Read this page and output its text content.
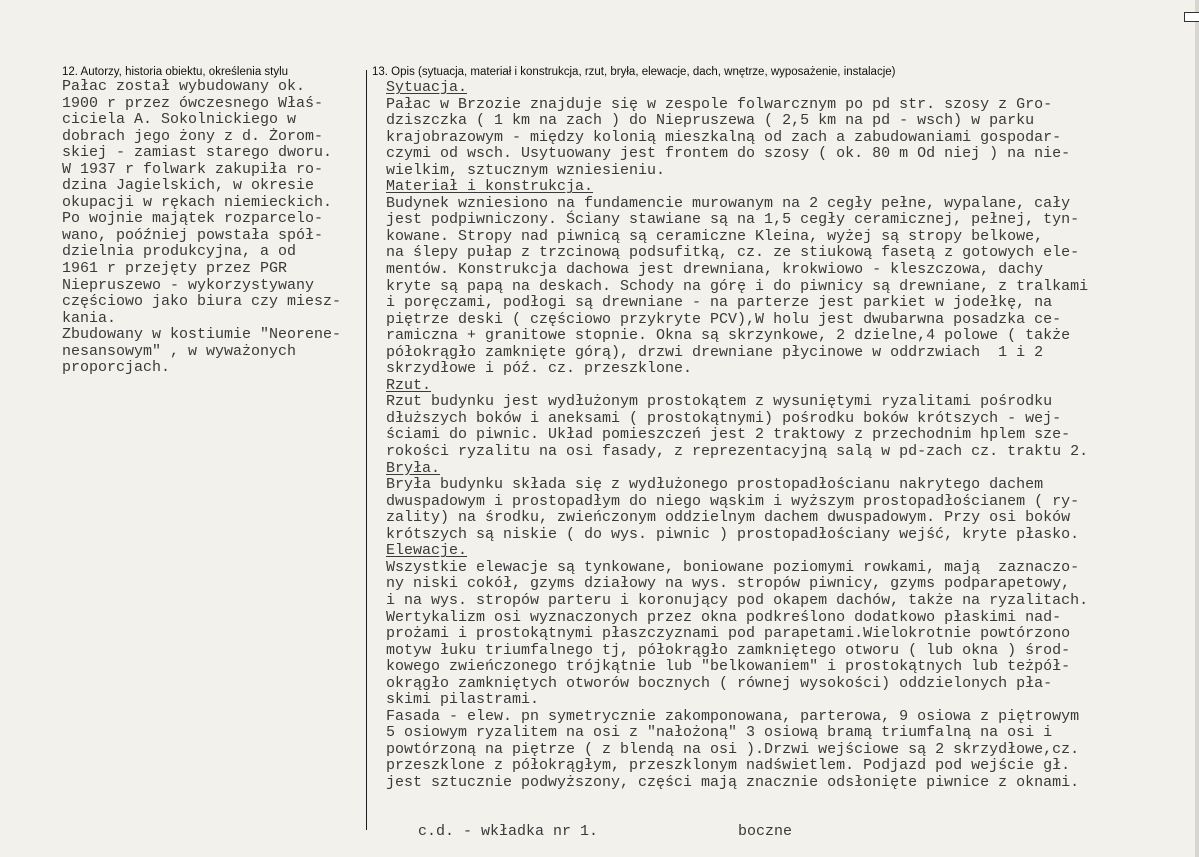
12. Autorzy, historia obiektu, określenia stylu	13. Opis (sytuacja, materiał i konstrukcja, rzut, bryła, elewacje, dach, wnętrze, wyposażenie, instalacje)
Pałac został wybudowany ok.
1900 r przez ówczesnego Właś-
ciciela A. Sokolnickiego w
dobrach jego żony z d. Żorom-
skiej - zamiast starego dworu.
W 1937 r folwark zakupiła ro-
dzina Jagielskich, w okresie
okupacji w rękach niemieckich.
Po wojnie majątek rozparcelo-
wano, poóźniej powstała spół-
dzielnia produkcyjna, a od
1961 r przejęty przez PGR
Niepruszewo - wykorzystywany
częściowo jako biura czy miesz-
kania.
Zbudowany w kostiumie "Neorene-
nesansowym" , w wyważonych
proporcjach.
Sytuacja.
Pałac w Brzozie znajduje się w zespole folwarcznym po pd str. szosy z Gro-
dziszczka ( 1 km na zach ) do Niepruszewa ( 2,5 km na pd - wsch) w parku
krajobrazowym - między kolonią mieszkalną od zach a zabudowaniami gospodar-
czymi od wsch. Usytuowany jest frontem do szosy ( ok. 80 m Od niej ) na nie-
wielkim, sztucznym wzniesieniu.
Materiał i konstrukcja.
Budynek wzniesiono na fundamencie murowanym na 2 cegły pełne, wypalane, cały
jest podpiwniczony. Ściany stawiane są na 1,5 cegły ceramicznej, pełnej, tyn-
kowane. Stropy nad piwnicą są ceramiczne Kleina, wyżej są stropy belkowe,
na ślepy pułap z trzcinową podsufitką, cz. ze stiukową fasetą z gotowych ele-
mentów. Konstrukcja dachowa jest drewniana, krokwiowo - kleszczowa, dachy
kryte są papą na deskach. Schody na górę i do piwnicy są drewniane, z tralkami
i poręczami, podłogi są drewniane - na parterze jest parkiet w jodełkę, na
piętrze deski ( częściowo przykryte PCV),W holu jest dwubarwna posadzka ce-
ramiczna + granitowe stopnie. Okna są skrzynkowe, 2 dzielne,4 polowe ( także
półokrągło zamknięte górą), drzwi drewniane płycinowe w oddrzwiach  1 i 2
skrzydłowe i póź. cz. przeszklone.
Rzut.
Rzut budynku jest wydłużonym prostokątem z wysuniętymi ryzalitami pośrodku
dłuższych boków i aneksami ( prostokątnymi) pośrodku boków krótszych - wej-
ściami do piwnic. Układ pomieszczeń jest 2 traktowy z przechodnim hplem sze-
rokości ryzalitu na osi fasady, z reprezentacyjną salą w pd-zach cz. traktu 2.
Bryła.
Bryła budynku składa się z wydłużonego prostopadłościanu nakrytego dachem
dwuspadowym i prostopadłym do niego wąskim i wyższym prostopadłościanem ( ry-
zality) na środku, zwieńczonym oddzielnym dachem dwuspadowym. Przy osi boków
krótszych są niskie ( do wys. piwnic ) prostopadłościany wejść, kryte płasko.
Elewacje.
Wszystkie elewacje są tynkowane, boniowane poziomymi rowkami, mają  zaznaczo-
ny niski cokół, gzyms działowy na wys. stropów piwnicy, gzyms podparapetowy,
i na wys. stropów parteru i koronujący pod okapem dachów, także na ryzalitach.
Wertykalizm osi wyznaczonych przez okna podkreślono dodatkowo płaskimi nad-
prożami i prostokątnymi płaszczyznami pod parapetami.Wielokrotnie powtórzono
motyw łuku triumfalnego tj, półokrągło zamkniętego otworu ( lub okna ) środ-
kowego zwieńczonego trójkątnie lub "belkowaniem" i prostokątnych lub teżpół-
okrągło zamkniętych otworów bocznych ( równej wysokości) oddzielonych pła-
skimi pilastrami.
Fasada - elew. pn symetrycznie zakomponowana, parterowa, 9 osiowa z piętrowym
5 osiowym ryzalitem na osi z "nałożoną" 3 osiową bramą triumfalną na osi i
powtórzoną na piętrze ( z blendą na osi ).Drzwi wejściowe są 2 skrzydłowe,cz.
przeszklone z półokrągłym, przeszklonym nadświetlem. Podjazd pod wejście gł.
jest sztucznie podwyższony, części mają znacznie odsłonięte piwnice z oknami.
c.d. - wkładka nr 1.	boczne
